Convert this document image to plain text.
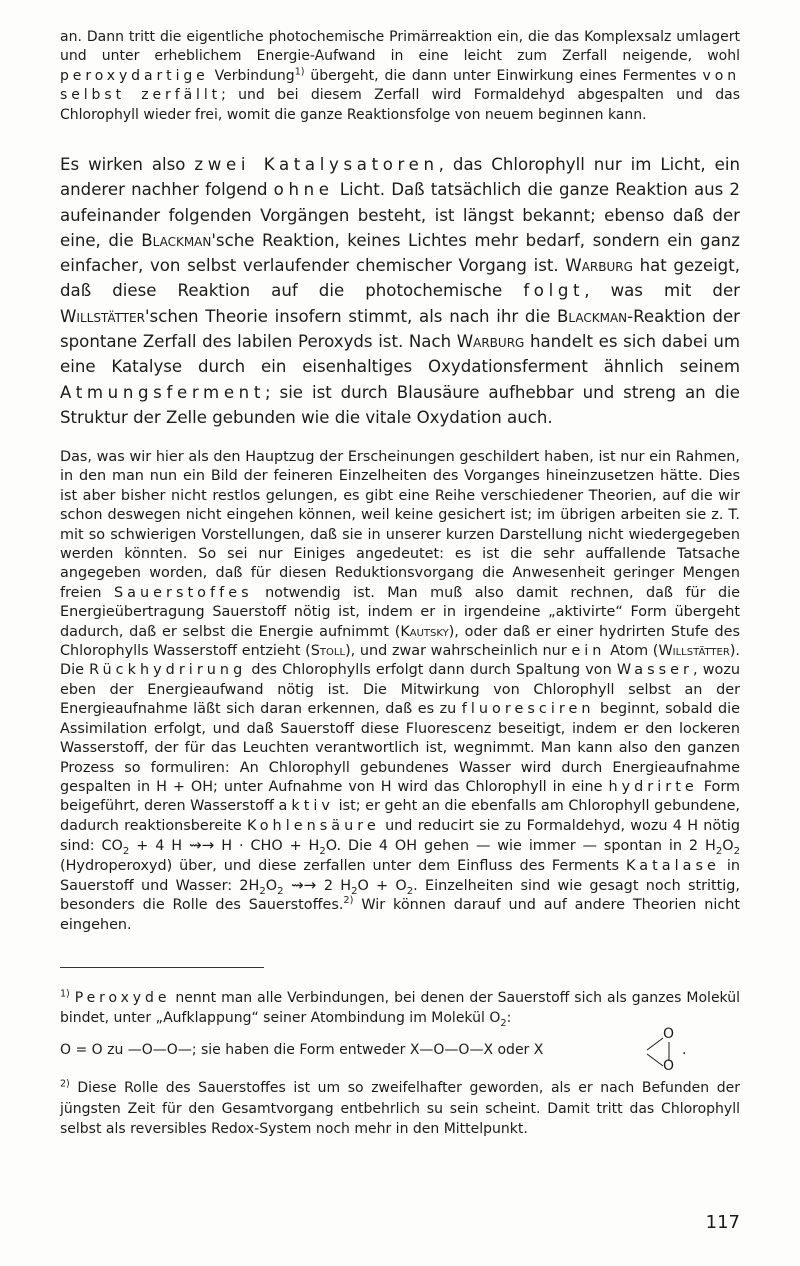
an. Dann tritt die eigentliche photochemische Primärreaktion ein, die das Komplexsalz umlagert und unter erheblichem Energie-Aufwand in eine leicht zum Zerfall neigende, wohl peroxydartige Verbindung$^{1)}$ übergeht, die dann unter Einwirkung eines Fermentes von selbst zerfällt; und bei diesem Zerfall wird Formaldehyd abgespalten und das Chlorophyll wieder frei, womit die ganze Reaktionsfolge von neuem beginnen kann.

Es wirken also zwei Katalysatoren, das Chlorophyll nur im Licht, ein anderer nachher folgend ohne Licht. Daß tatsächlich die ganze Reaktion aus 2 aufeinander folgenden Vorgängen besteht, ist längst bekannt; ebenso daß der eine, die Blackman'sche Reaktion, keines Lichtes mehr bedarf, sondern ein ganz einfacher, von selbst verlaufender chemischer Vorgang ist. Warburg hat gezeigt, daß diese Reaktion auf die photochemische folgt, was mit der Willstätter'schen Theorie insofern stimmt, als nach ihr die Blackman-Reaktion der spontane Zerfall des labilen Peroxyds ist. Nach Warburg handelt es sich dabei um eine Katalyse durch ein eisenhaltiges Oxydationsferment ähnlich seinem Atmungsferment; sie ist durch Blausäure aufhebbar und streng an die Struktur der Zelle gebunden wie die vitale Oxydation auch.

Das, was wir hier als den Hauptzug der Erscheinungen geschildert haben, ist nur ein Rahmen, in den man nun ein Bild der feineren Einzelheiten des Vorganges hineinzusetzen hätte. Dies ist aber bisher nicht restlos gelungen, es gibt eine Reihe verschiedener Theorien, auf die wir schon deswegen nicht eingehen können, weil keine gesichert ist; im übrigen arbeiten sie z. T. mit so schwierigen Vorstellungen, daß sie in unserer kurzen Darstellung nicht wiedergegeben werden könnten. So sei nur Einiges angedeutet: es ist die sehr auffallende Tatsache angegeben worden, daß für diesen Reduktionsvorgang die Anwesenheit geringer Mengen freien Sauerstoffes notwendig ist. Man muß also damit rechnen, daß für die Energieübertragung Sauerstoff nötig ist, indem er in irgendeine „aktivirte“ Form übergeht dadurch, daß er selbst die Energie aufnimmt (Kautsky), oder daß er einer hydrirten Stufe des Chlorophylls Wasserstoff entzieht (Stoll), und zwar wahrscheinlich nur ein Atom (Willstätter). Die Rückhydrirung des Chlorophylls erfolgt dann durch Spaltung von Wasser, wozu eben der Energieaufwand nötig ist. Die Mitwirkung von Chlorophyll selbst an der Energieaufnahme läßt sich daran erkennen, daß es zu fluoresciren beginnt, sobald die Assimilation erfolgt, und daß Sauerstoff diese Fluorescenz beseitigt, indem er den lockeren Wasserstoff, der für das Leuchten verantwortlich ist, wegnimmt. Man kann also den ganzen Prozess so formuliren: An Chlorophyll gebundenes Wasser wird durch Energieaufnahme gespalten in H + OH; unter Aufnahme von H wird das Chlorophyll in eine hydrirte Form beigeführt, deren Wasserstoff aktiv ist; er geht an die ebenfalls am Chlorophyll gebundene, dadurch reaktionsbereite Kohlensäure und reducirt sie zu Formaldehyd, wozu 4 H nötig sind: $CO_2 + 4$ H ⇝→ H · CHO + $H_2O$. Die 4 OH gehen — wie immer — spontan in 2 $H_2O_2$ (Hydroperoxyd) über, und diese zerfallen unter dem Einfluss des Ferments Katalase in Sauerstoff und Wasser: $2H_2O_2$ ⇝→ 2 $H_2O + O_2$. Einzelheiten sind wie gesagt noch strittig, besonders die Rolle des Sauerstoffes.$^{2)}$ Wir können darauf und auf andere Theorien nicht eingehen.

$^{1)}$ Peroxyde nennt man alle Verbindungen, bei denen der Sauerstoff sich als ganzes Molekül bindet, unter „Aufklappung“ seiner Atombindung im Molekül $O_2$:

O = O zu —O—O—; sie haben die Form entweder X—O—O—X oder X
O
O
.

$^{2)}$ Diese Rolle des Sauerstoffes ist um so zweifelhafter geworden, als er nach Befunden der jüngsten Zeit für den Gesamtvorgang entbehrlich su sein scheint. Damit tritt das Chlorophyll selbst als reversibles Redox-System noch mehr in den Mittelpunkt.

117
